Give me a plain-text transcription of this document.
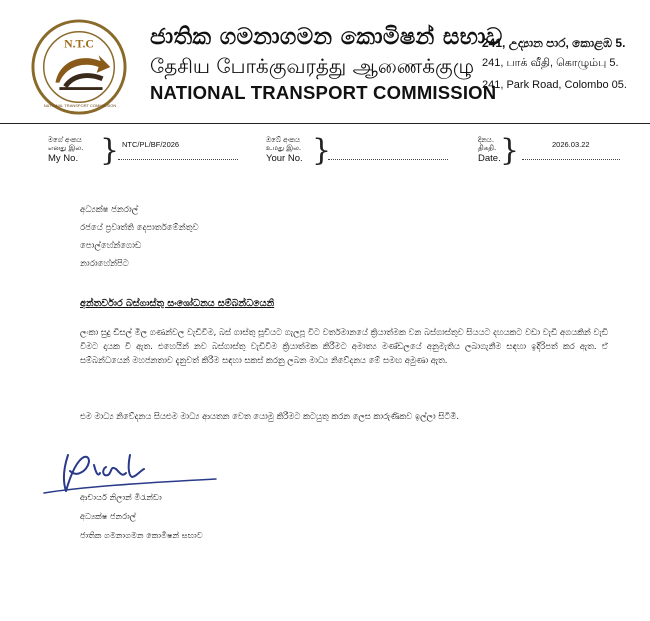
N.T.C
NATIONAL TRANSPORT COMMISSION
ජාතික ගමනාගමන කොමිෂන් සභාව
தேசிய போக்குவரத்து ஆணைக்குழு
NATIONAL TRANSPORT COMMISSION
241, උද්‍යාන පාර, කොළඹ 5.
241, பாக் வீதி, கொழும்பு 5.
241, Park Road, Colombo 05.
මගේ අංකය
எனது இல.
My No. } NTC/PL/BF/2026	ඔබේ අංකය
உமது இல.
Your No. }	දිනය.
திகதி.
Date. }	2026.03.22
අධ්‍යක්ෂ ජනරාල්
රජයේ ප්‍රවෘත්ති දෙපාර්තමේන්තුව
පොල්හේන්ගොඩ
නාරාහේන්පිට
අන්තර්වාර බස්ගාස්තු සංශෝධනය සම්බන්ධයෙනි
ලංකා සුදු ඩීසල් මිල ගණන්වල වැඩිවීම, බස් ගාස්තු සූචියට ගැලපූ විට වර්තමානයේ ක්‍රියාත්මක වන බස්ගාස්තුව සියයට දහයකට වඩා වැඩි අගයකින් වැඩි වීමට දායක වී ඇත. එහෙයින් නව බස්ගාස්තු වැඩිවීම ක්‍රියාත්මක කිරීමට අමාත්‍ය මණ්ඩලයේ අනුමැතිය ලබාගැනීම සඳහා ඉදිරිපත් කර ඇත. ඒ සම්බන්ධයෙන් මහජනතාව දැනුවත් කිරීම සඳහා සකස් කරනු ලබන මාධ්‍ය නිවේදනය මේ සමඟ අමුණා ඇත.
එම මාධ්‍ය නිවේදනය සියළුම මාධ්‍ය ආයතන වෙත යොමු කිරීමට කටයුතු කරන ලෙස කාරුණිකව ඉල්ලා සිටිමි.
ආචාර්ය නිලාන් මිරැන්ඩා
අධ්‍යක්ෂ ජනරාල්
ජාතික ගමනාගමන කොමිෂන් සභාව
